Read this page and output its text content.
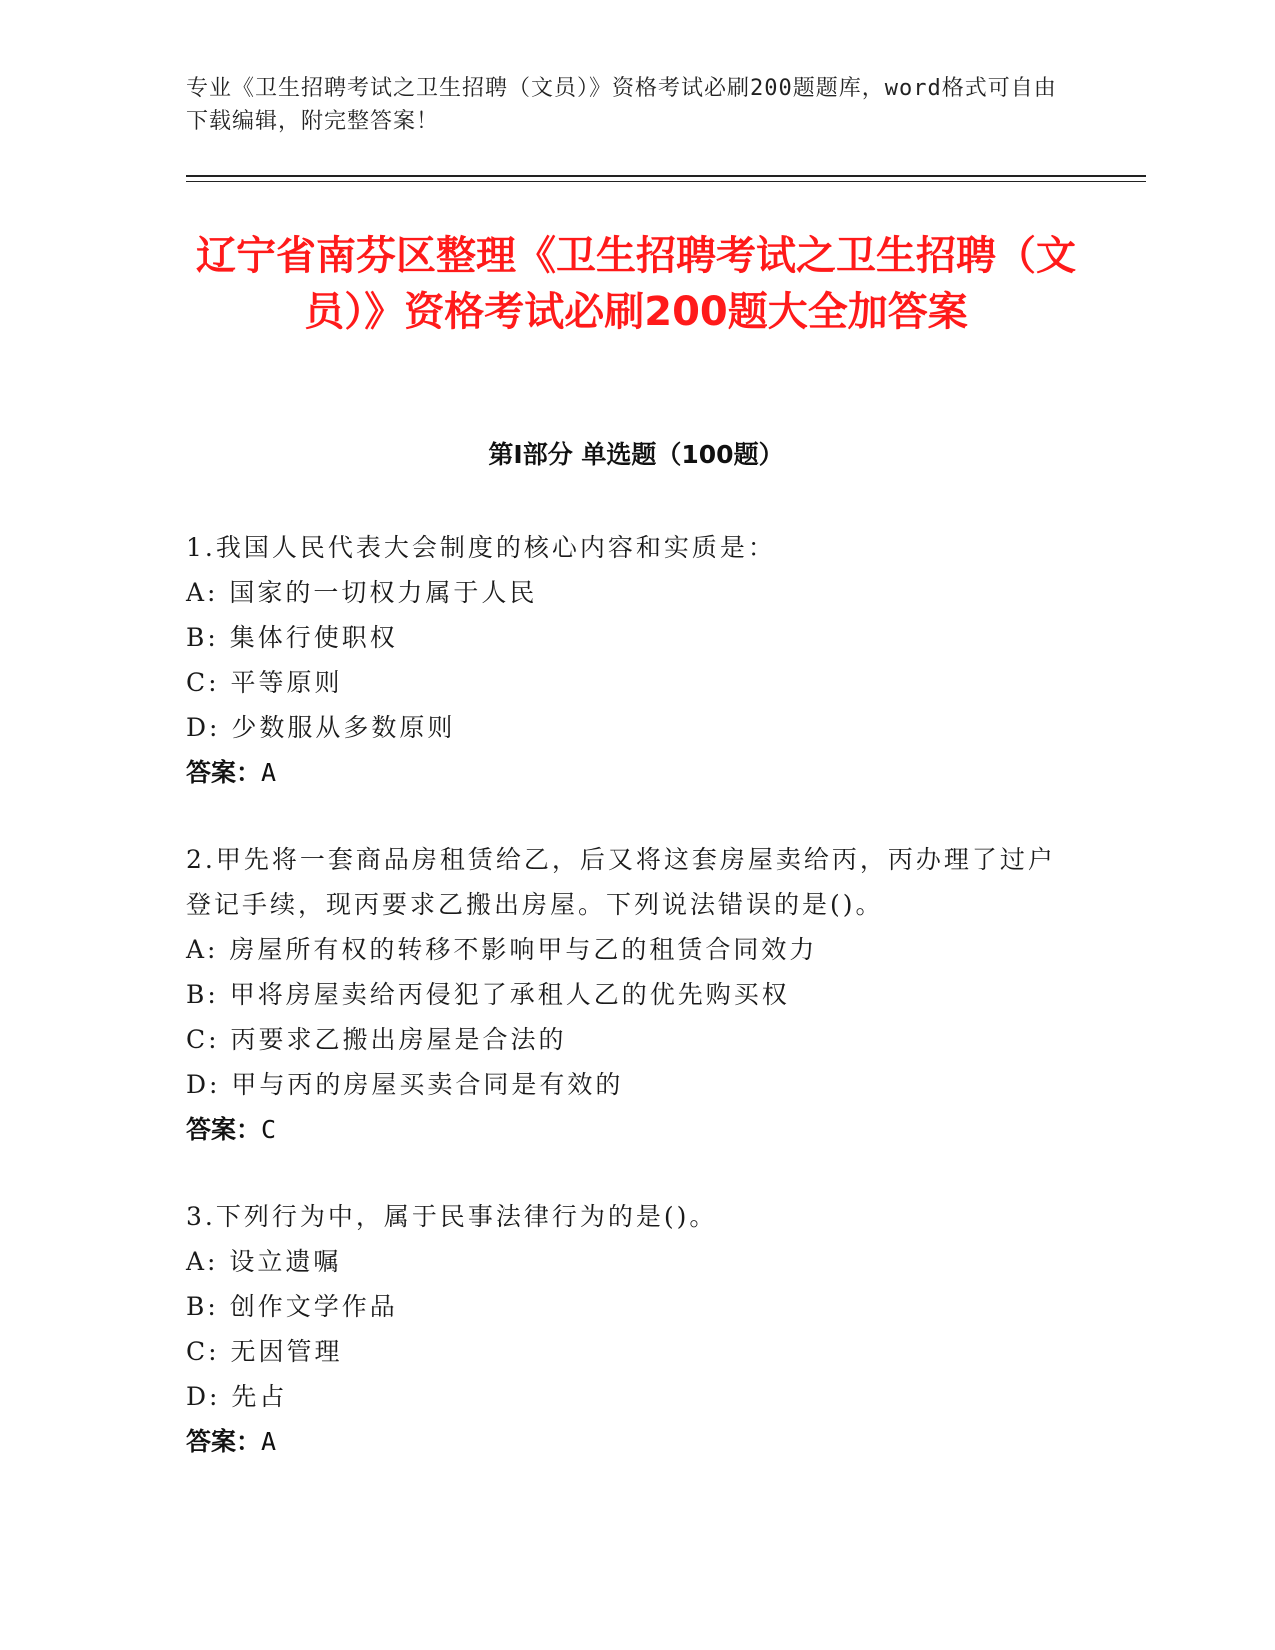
专业《卫生招聘考试之卫生招聘（文员）》资格考试必刷200题题库，word格式可自由下载编辑，附完整答案！
辽宁省南芬区整理《卫生招聘考试之卫生招聘（文员）》资格考试必刷200题大全加答案
第Ⅰ部分 单选题（100题）

1.我国人民代表大会制度的核心内容和实质是：

A: 国家的一切权力属于人民

B: 集体行使职权

C: 平等原则

D: 少数服从多数原则

答案：A

2.甲先将一套商品房租赁给乙，后又将这套房屋卖给丙，丙办理了过户登记手续，现丙要求乙搬出房屋。下列说法错误的是()。

A: 房屋所有权的转移不影响甲与乙的租赁合同效力

B: 甲将房屋卖给丙侵犯了承租人乙的优先购买权

C: 丙要求乙搬出房屋是合法的

D: 甲与丙的房屋买卖合同是有效的

答案：C

3.下列行为中，属于民事法律行为的是()。

A: 设立遗嘱

B: 创作文学作品

C: 无因管理

D: 先占

答案：A
